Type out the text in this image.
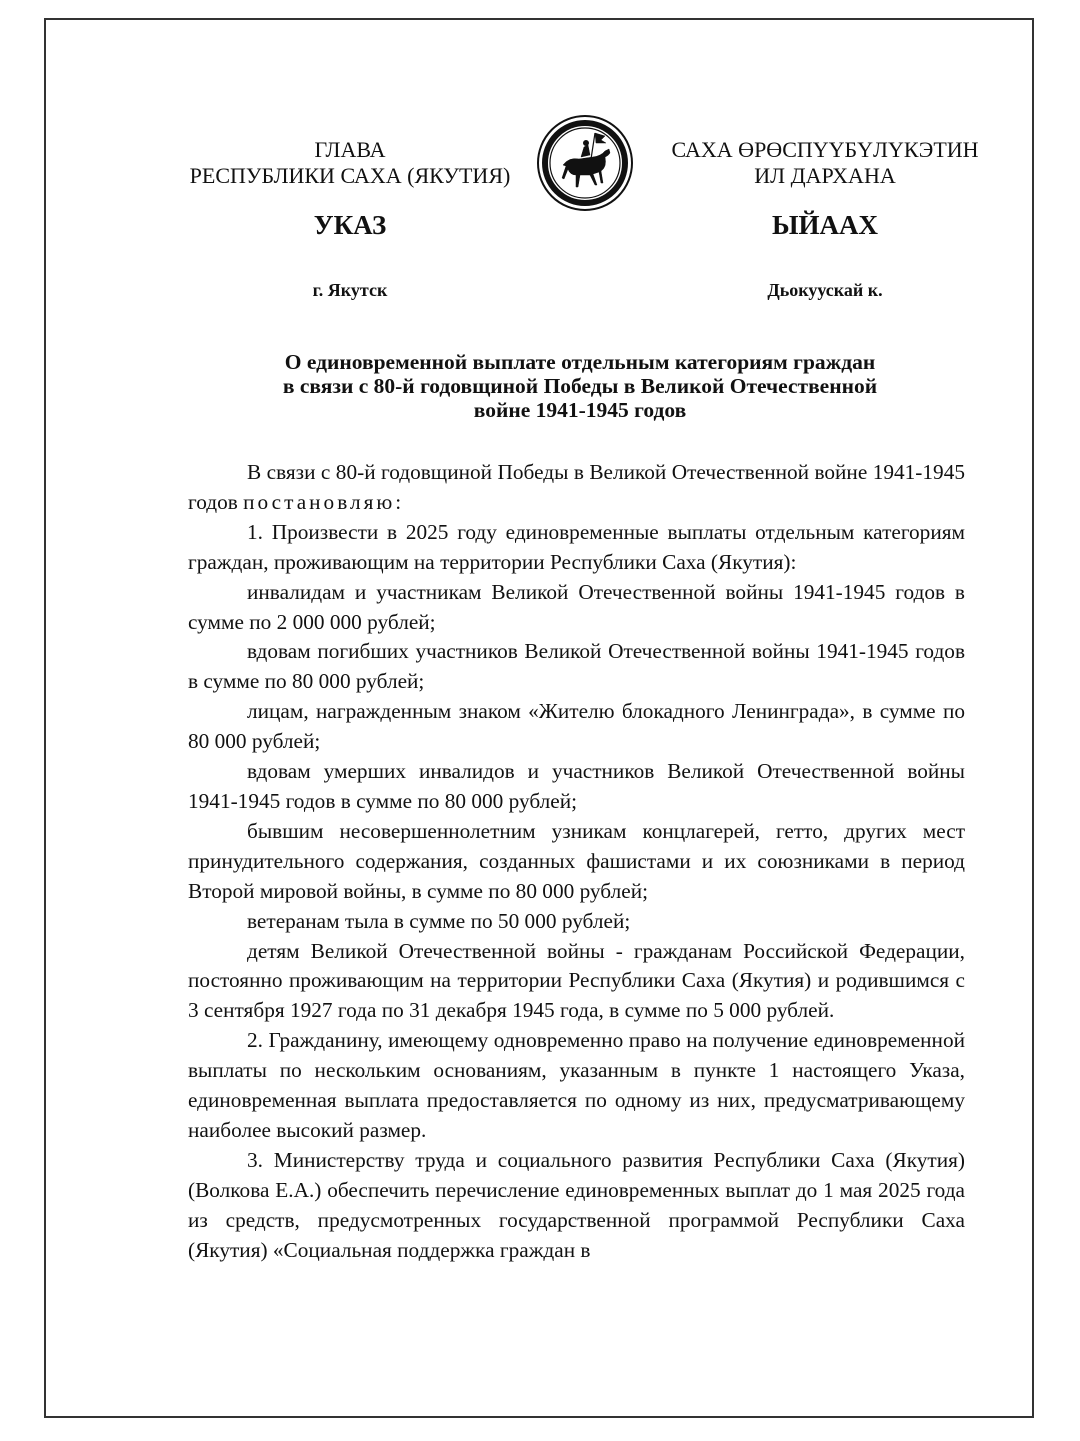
ГЛАВА
РЕСПУБЛИКИ САХА (ЯКУТИЯ)
САХА ӨРӨСПҮҮБҮЛҮКЭТИН
ИЛ ДАРХАНА
УКАЗ	ЫЙААХ
г. Якутск	Дьокуускай к.
О единовременной выплате отдельным категориям граждан
в связи с 80-й годовщиной Победы в Великой Отечественной
войне 1941-1945 годов

В связи с 80-й годовщиной Победы в Великой Отечественной войне 1941-1945 годов постановляю:

1. Произвести в 2025 году единовременные выплаты отдельным категориям граждан, проживающим на территории Республики Саха (Якутия):

инвалидам и участникам Великой Отечественной войны 1941-1945 годов в сумме по 2 000 000 рублей;

вдовам погибших участников Великой Отечественной войны 1941-1945 годов в сумме по 80 000 рублей;

лицам, награжденным знаком «Жителю блокадного Ленинграда», в сумме по 80 000 рублей;

вдовам умерших инвалидов и участников Великой Отечественной войны 1941-1945 годов в сумме по 80 000 рублей;

бывшим несовершеннолетним узникам концлагерей, гетто, других мест принудительного содержания, созданных фашистами и их союзниками в период Второй мировой войны, в сумме по 80 000 рублей;

ветеранам тыла в сумме по 50 000 рублей;

детям Великой Отечественной войны - гражданам Российской Федерации, постоянно проживающим на территории Республики Саха (Якутия) и родившимся с 3 сентября 1927 года по 31 декабря 1945 года, в сумме по 5 000 рублей.

2. Гражданину, имеющему одновременно право на получение единовременной выплаты по нескольким основаниям, указанным в пункте 1 настоящего Указа, единовременная выплата предоставляется по одному из них, предусматривающему наиболее высокий размер.

3. Министерству труда и социального развития Республики Саха (Якутия) (Волкова Е.А.) обеспечить перечисление единовременных выплат до 1 мая 2025 года из средств, предусмотренных государственной программой Республики Саха (Якутия) «Социальная поддержка граждан в
